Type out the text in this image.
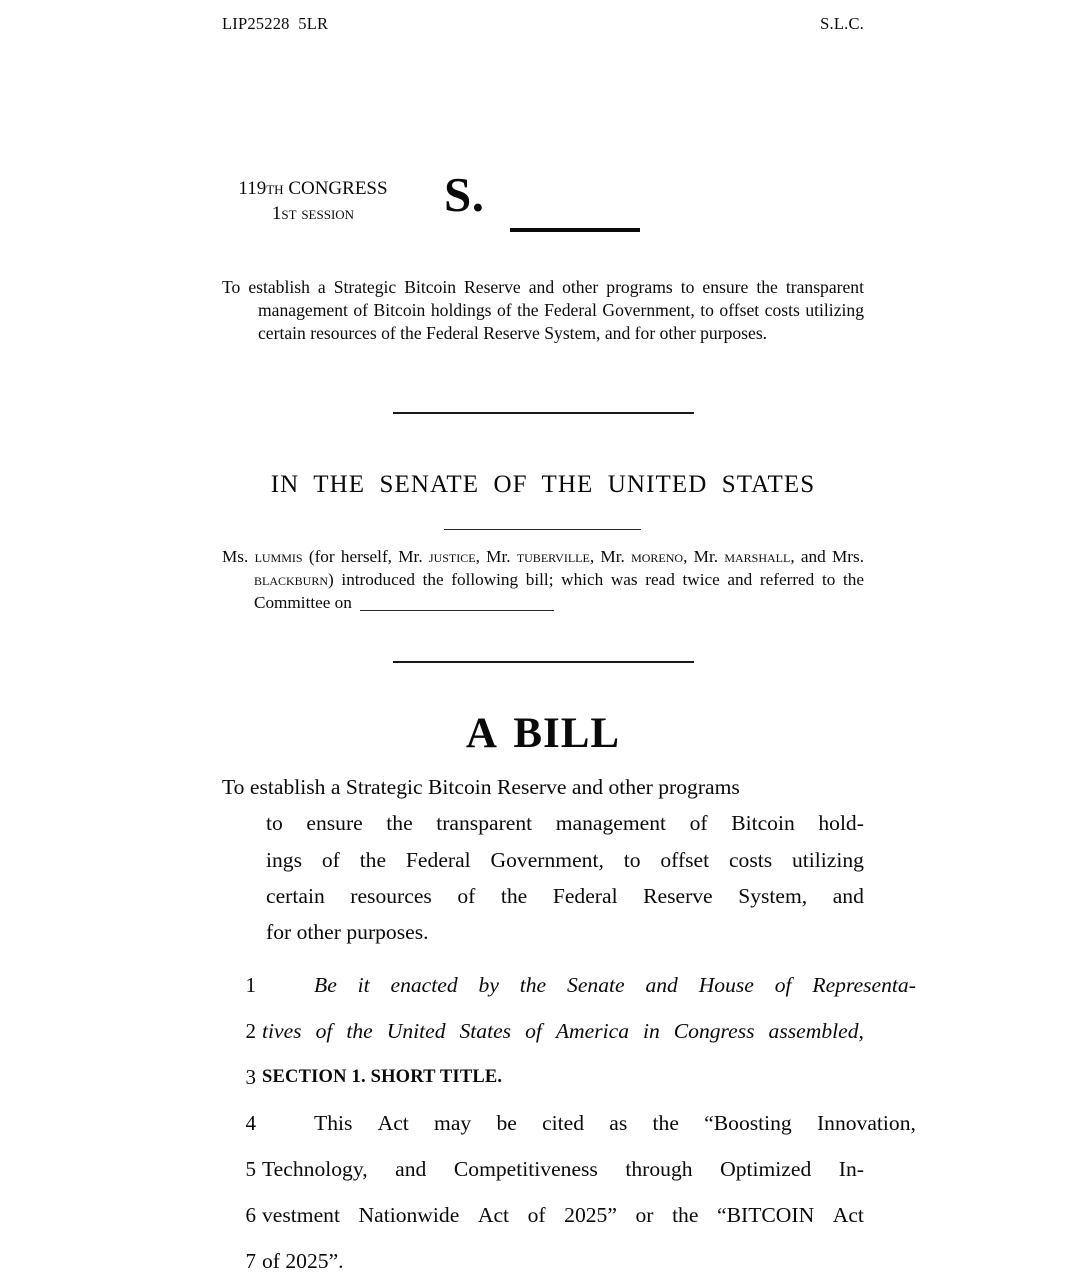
LIP25228  5LR	S.L.C.
119th CONGRESS
1st session	S.

To establish a Strategic Bitcoin Reserve and other programs to ensure the transparent management of Bitcoin holdings of the Federal Government, to offset costs utilizing certain resources of the Federal Reserve System, and for other purposes.

IN THE SENATE OF THE UNITED STATES

Ms. lummis (for herself, Mr. justice, Mr. tuberville, Mr. moreno, Mr. marshall, and Mrs. blackburn) introduced the following bill; which was read twice and referred to the Committee on

A BILL
To establish a Strategic Bitcoin Reserve and other programs
to ensure the transparent management of Bitcoin hold-
ings of the Federal Government, to offset costs utilizing
certain resources of the Federal Reserve System, and
for other purposes.
1	Be it enacted by the Senate and House of Representa-
2 tives of the United States of America in Congress assembled,
3 SECTION 1. SHORT TITLE.
4	This Act may be cited as the “Boosting Innovation,
5 Technology, and Competitiveness through Optimized In-
6 vestment Nationwide Act of 2025” or the “BITCOIN Act
7 of 2025”.
